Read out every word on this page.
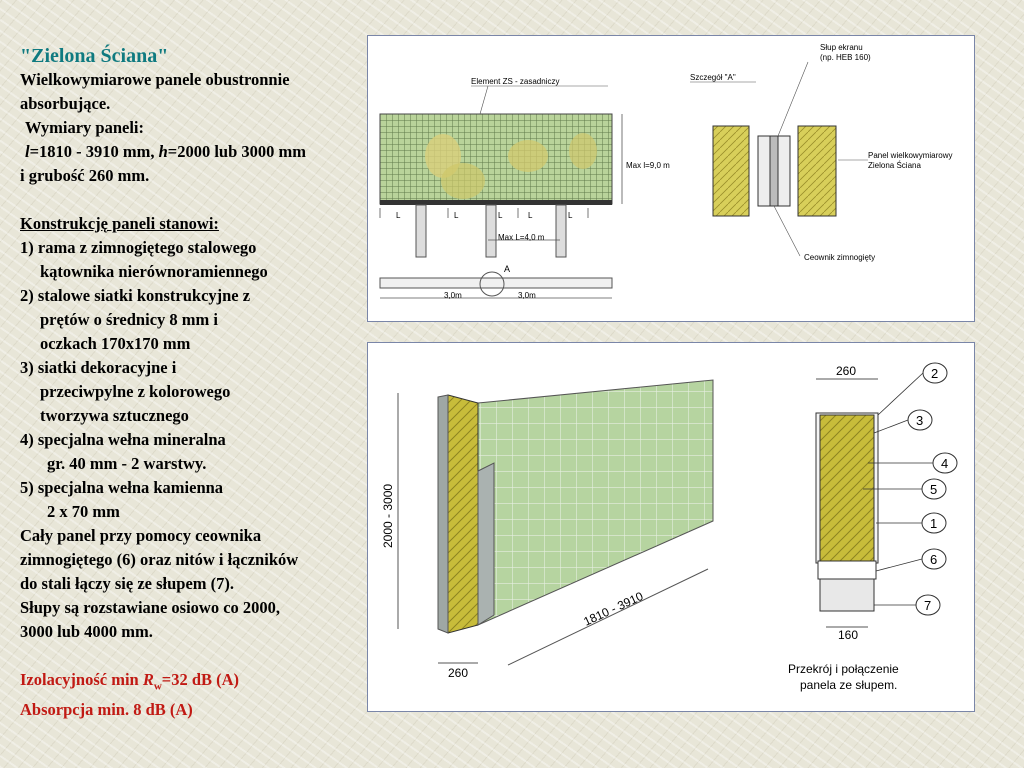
"Zielona Ściana"
Wielkowymiarowe panele obustronnie
absorbujące.
Wymiary paneli:
l=1810 - 3910 mm, h=2000 lub 3000 mm
i grubość 260 mm.
Konstrukcję paneli stanowi:
1) rama z zimnogiętego stalowego
kątownika nierównoramiennego
2) stalowe siatki konstrukcyjne z
prętów o średnicy 8 mm i
oczkach 170x170 mm
3) siatki dekoracyjne i
przeciwpylne z kolorowego
tworzywa sztucznego
4) specjalna wełna mineralna
gr. 40 mm - 2 warstwy.
5) specjalna wełna kamienna
2 x 70 mm
Cały panel przy pomocy ceownika
zimnogiętego (6) oraz nitów i łączników
do stali łączy się ze słupem (7).
Słupy są rozstawiane osiowo co 2000,
3000 lub 4000 mm.
Izolacyjność $\min R_w=32$ dB (A)
Absorpcja min. 8 dB (A)
L	L	L	L	L
Max l=9,0 m
Max L=4,0 m
A
3,0m	3,0m
Element ZS - zasadniczy	Szczegół "A"
Słup ekranu
(np. HEB 160)
Panel wielkowymiarowy
Zielona Ściana
Ceownik zimnogięty
2000 - 3000
1810 - 3910
260
260
160
2
3
4
5
1
6
7
Przekrój i połączenie
panela ze słupem.
